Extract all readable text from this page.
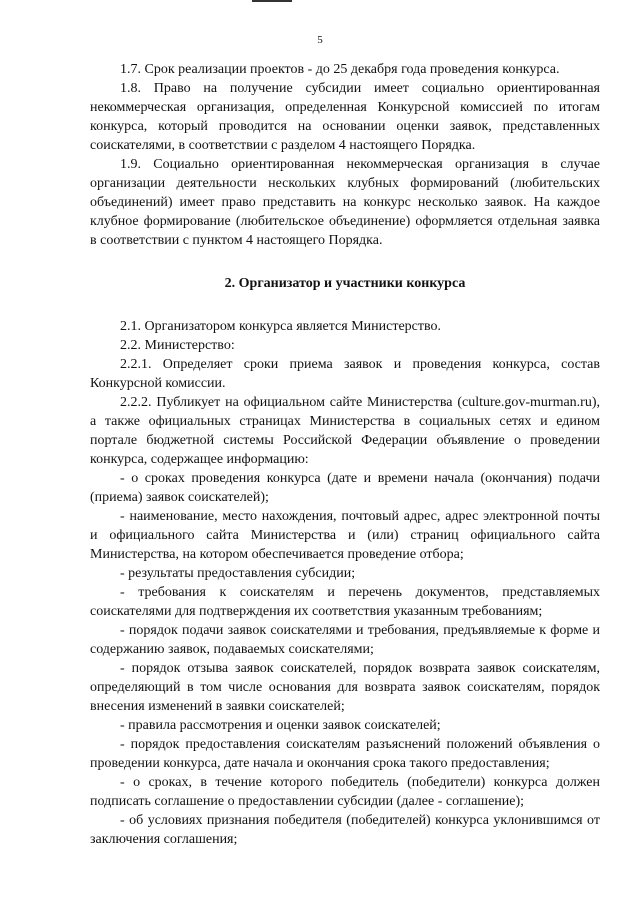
5

1.7. Срок реализации проектов - до 25 декабря года проведения конкурса.

1.8. Право на получение субсидии имеет социально ориентированная некоммерческая организация, определенная Конкурсной комиссией по итогам конкурса, который проводится на основании оценки заявок, представленных соискателями, в соответствии с разделом 4 настоящего Порядка.

1.9. Социально ориентированная некоммерческая организация в случае организации деятельности нескольких клубных формирований (любительских объединений) имеет право представить на конкурс несколько заявок. На каждое клубное формирование (любительское объединение) оформляется отдельная заявка в соответствии с пунктом 4 настоящего Порядка.

2. Организатор и участники конкурса

2.1. Организатором конкурса является Министерство.

2.2. Министерство:

2.2.1. Определяет сроки приема заявок и проведения конкурса, состав Конкурсной комиссии.

2.2.2. Публикует на официальном сайте Министерства (culture.gov-murman.ru), а также официальных страницах Министерства в социальных сетях и едином портале бюджетной системы Российской Федерации объявление о проведении конкурса, содержащее информацию:

- о сроках проведения конкурса (дате и времени начала (окончания) подачи (приема) заявок соискателей);

- наименование, место нахождения, почтовый адрес, адрес электронной почты и официального сайта Министерства и (или) страниц официального сайта Министерства, на котором обеспечивается проведение отбора;

- результаты предоставления субсидии;

- требования к соискателям и перечень документов, представляемых соискателями для подтверждения их соответствия указанным требованиям;

- порядок подачи заявок соискателями и требования, предъявляемые к форме и содержанию заявок, подаваемых соискателями;

- порядок отзыва заявок соискателей, порядок возврата заявок соискателям, определяющий в том числе основания для возврата заявок соискателям, порядок внесения изменений в заявки соискателей;

- правила рассмотрения и оценки заявок соискателей;

- порядок предоставления соискателям разъяснений положений объявления о проведении конкурса, дате начала и окончания срока такого предоставления;

- о сроках, в течение которого победитель (победители) конкурса должен подписать соглашение о предоставлении субсидии (далее - соглашение);

- об условиях признания победителя (победителей) конкурса уклонившимся от заключения соглашения;
